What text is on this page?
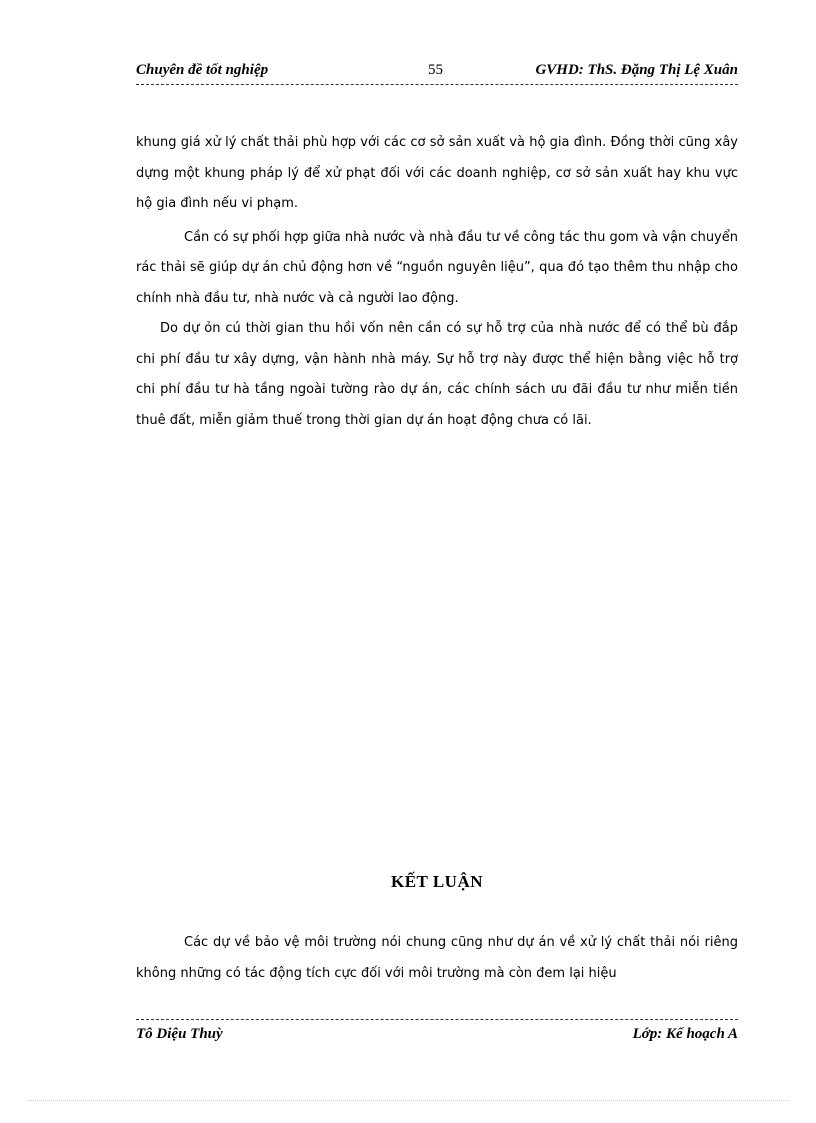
Chuyên đề tốt nghiệp	55	GVHD: ThS. Đặng Thị Lệ Xuân

khung giá xử lý chất thải phù hợp với các cơ sở sản xuất và hộ gia đình. Đồng thời cũng xây dựng một khung pháp lý để xử phạt đối với các doanh nghiệp, cơ sở sản xuất hay khu vực hộ gia đình nếu vi phạm.

Cần có sự phối hợp giữa nhà nước và nhà đầu tư về công tác thu gom và vận chuyển rác thải sẽ giúp dự án chủ động hơn về “nguồn nguyên liệu”, qua đó tạo thêm thu nhập cho chính nhà đầu tư, nhà nước và cả người lao động.

Do dự ỏn cú thời gian thu hồi vốn nên cần có sự hỗ trợ của nhà nước để có thể bù đắp chi phí đầu tư xây dựng, vận hành nhà máy. Sự hỗ trợ này được thể hiện bằng việc hỗ trợ chi phí đầu tư hà tầng ngoài tường rào dự án, các chính sách ưu đãi đầu tư như miễn tiền thuê đất, miễn giảm thuế trong thời gian dự án hoạt động chưa có lãi.

KẾT LUẬN

Các dự về bảo vệ môi trường nói chung cũng như dự án về xử lý chất thải nói riêng không những có tác động tích cực đối với môi trường mà còn đem lại hiệu

Tô Diệu Thuỳ	Lớp: Kế hoạch A
